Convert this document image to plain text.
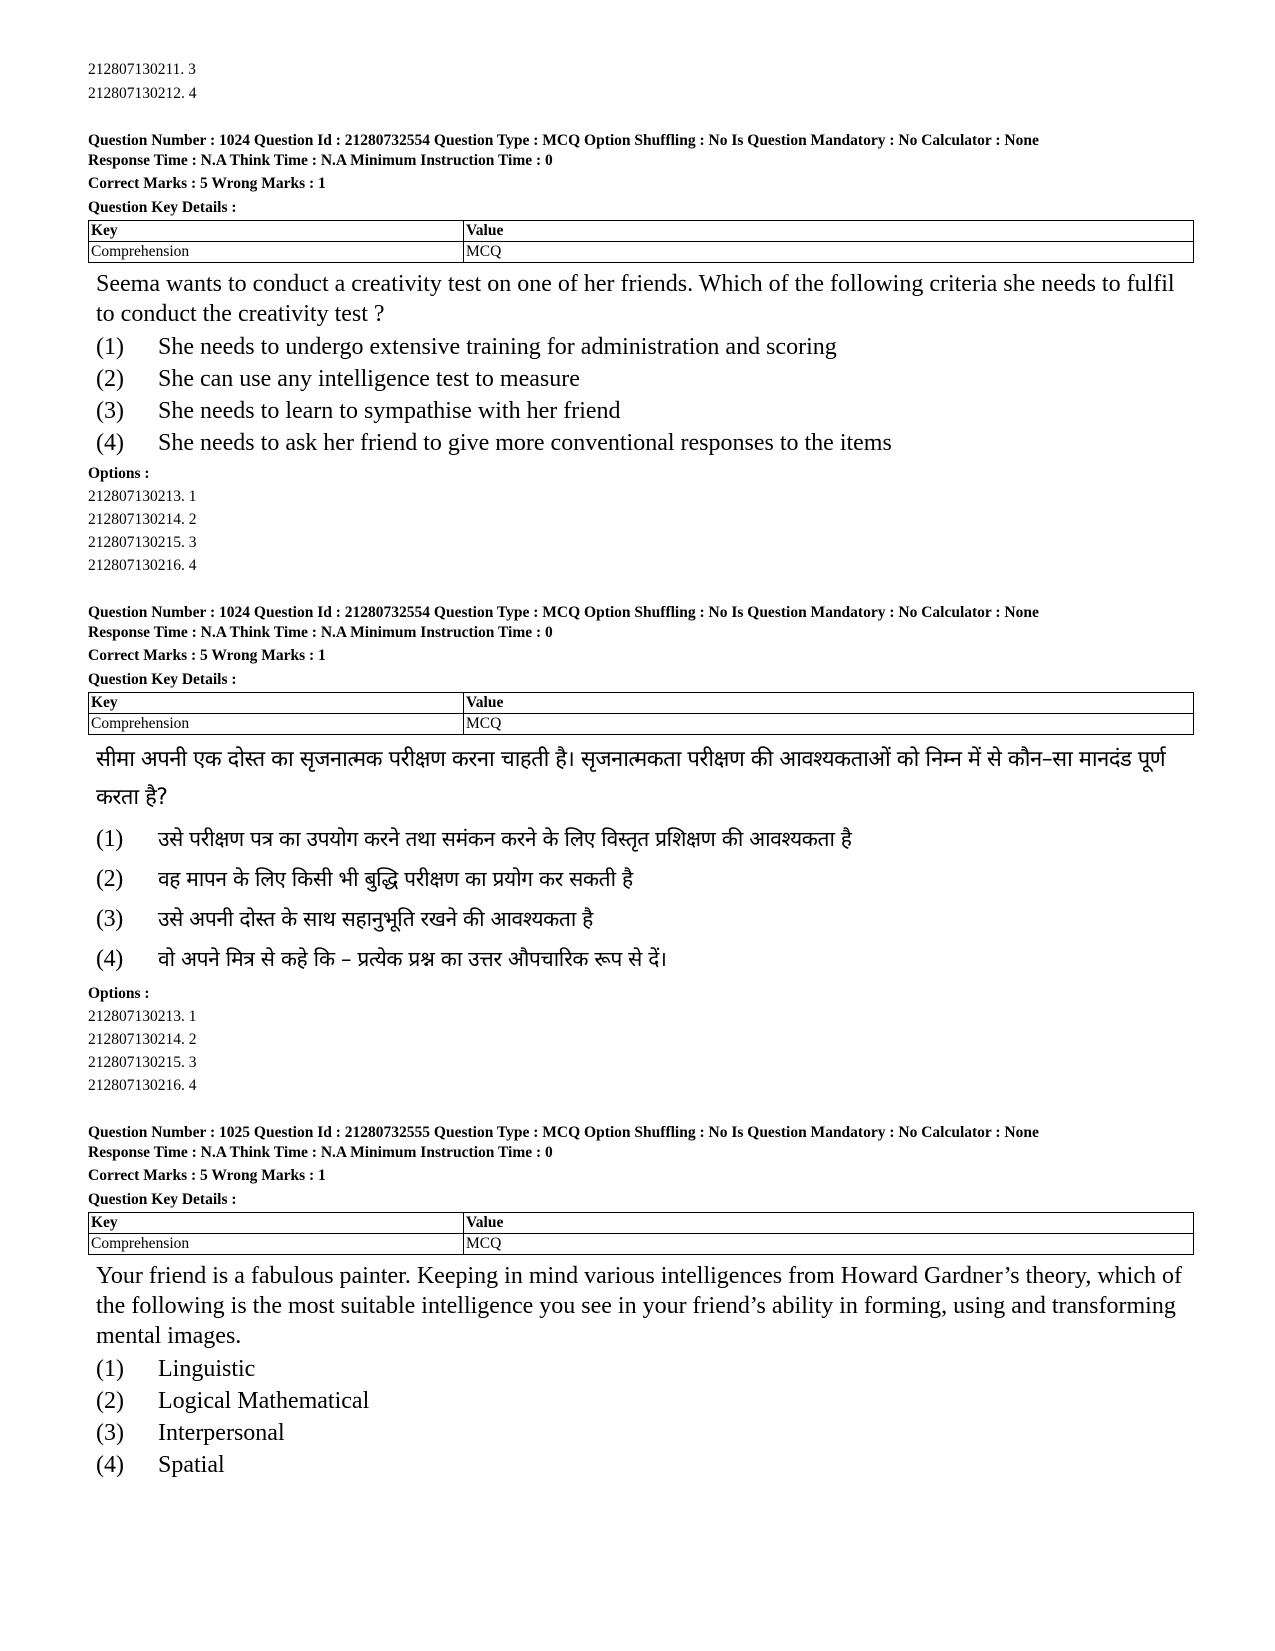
212807130211. 3

212807130212. 4

Question Number : 1024 Question Id : 21280732554 Question Type : MCQ Option Shuffling : No Is Question Mandatory : No Calculator : None

Response Time : N.A Think Time : N.A Minimum Instruction Time : 0

Correct Marks : 5 Wrong Marks : 1

Question Key Details :

Key	Value
Comprehension	MCQ

Seema wants to conduct a creativity test on one of her friends. Which of the following criteria she needs to fulfil to conduct the creativity test ?

(1)	She needs to undergo extensive training for administration and scoring
(2)	She can use any intelligence test to measure
(3)	She needs to learn to sympathise with her friend
(4)	She needs to ask her friend to give more conventional responses to the items

Options :

212807130213. 1
212807130214. 2
212807130215. 3
212807130216. 4

Question Number : 1024 Question Id : 21280732554 Question Type : MCQ Option Shuffling : No Is Question Mandatory : No Calculator : None

Response Time : N.A Think Time : N.A Minimum Instruction Time : 0

Correct Marks : 5 Wrong Marks : 1

Question Key Details :

Key	Value
Comprehension	MCQ

सीमा अपनी एक दोस्त का सृजनात्मक परीक्षण करना चाहती है। सृजनात्मकता परीक्षण की आवश्यकताओं को निम्न में से कौन–सा मानदंड पूर्ण करता है?

(1)	उसे परीक्षण पत्र का उपयोग करने तथा समंकन करने के लिए विस्तृत प्रशिक्षण की आवश्यकता है
(2)	वह मापन के लिए किसी भी बुद्धि परीक्षण का प्रयोग कर सकती है
(3)	उसे अपनी दोस्त के साथ सहानुभूति रखने की आवश्यकता है
(4)	वो अपने मित्र से कहे कि – प्रत्येक प्रश्न का उत्तर औपचारिक रूप से दें।

Options :

212807130213. 1
212807130214. 2
212807130215. 3
212807130216. 4

Question Number : 1025 Question Id : 21280732555 Question Type : MCQ Option Shuffling : No Is Question Mandatory : No Calculator : None

Response Time : N.A Think Time : N.A Minimum Instruction Time : 0

Correct Marks : 5 Wrong Marks : 1

Question Key Details :

Key	Value
Comprehension	MCQ

Your friend is a fabulous painter. Keeping in mind various intelligences from Howard Gardner’s theory, which of the following is the most suitable intelligence you see in your friend’s ability in forming, using and transforming mental images.

(1)	Linguistic
(2)	Logical Mathematical
(3)	Interpersonal
(4)	Spatial
